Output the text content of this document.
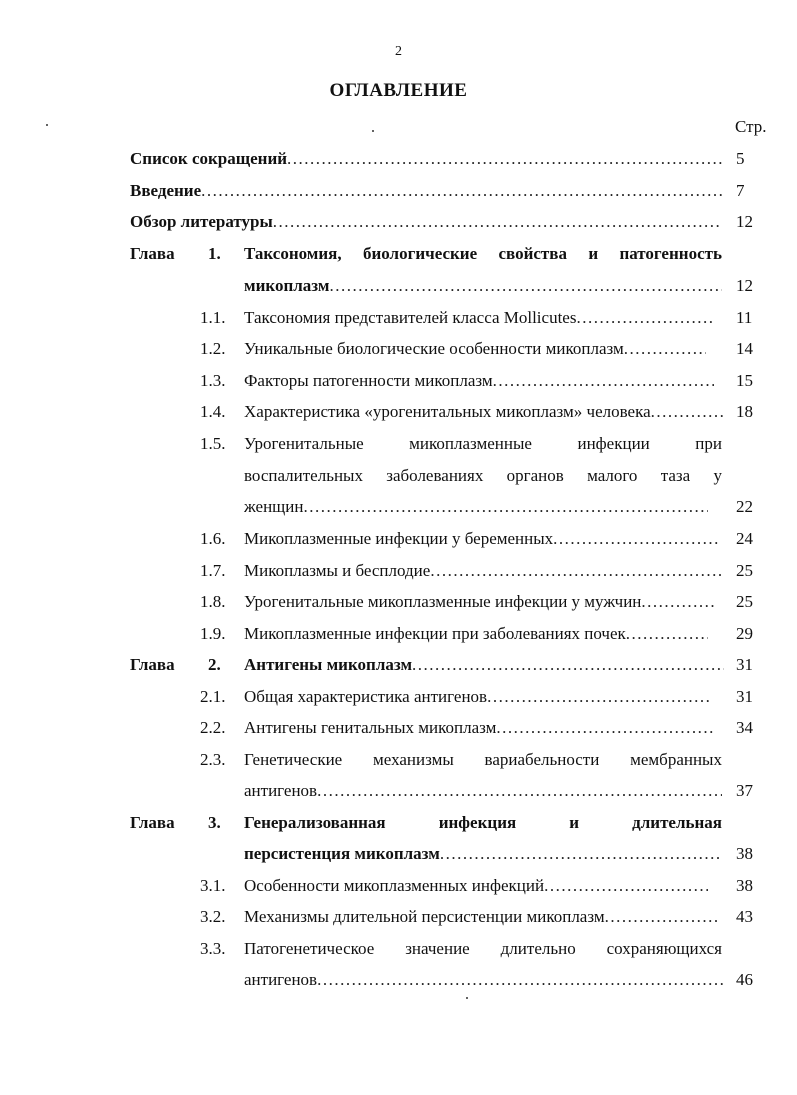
2
ОГЛАВЛЕНИЕ
Стр.
Список сокращений .....	5
Введение .....	7
Обзор литературы .....	12
Глава 1. Таксономия, биологические свойства и патогенность
микоплазм .....	12
1.1. Таксономия представителей класса Mollicutes .....	11
1.2. Уникальные биологические особенности микоплазм .....	14
1.3. Факторы патогенности микоплазм .....	15
1.4. Характеристика «урогенитальных микоплазм» человека .....	18
1.5. Урогенитальные	микоплазменные	инфекции	при
воспалительных заболеваниях органов малого таза у
женщин .....	22
1.6. Микоплазменные инфекции у беременных .....	24
1.7. Микоплазмы и бесплодие .....	25
1.8. Урогенитальные микоплазменные инфекции у мужчин .....	25
1.9. Микоплазменные инфекции при заболеваниях почек .....	29
Глава 2. Антигены микоплазм .....	31
2.1. Общая характеристика антигенов .....	31
2.2. Антигены генитальных микоплазм .....	34
2.3. Генетические механизмы вариабельности мембранных
антигенов .....	37
Глава 3. Генерализованная	инфекция	и	длительная
персистенция микоплазм .....	38
3.1. Особенности микоплазменных инфекций .....	38
3.2. Механизмы длительной персистенции микоплазм .....	43
3.3. Патогенетическое значение длительно сохраняющихся
антигенов .....	46
